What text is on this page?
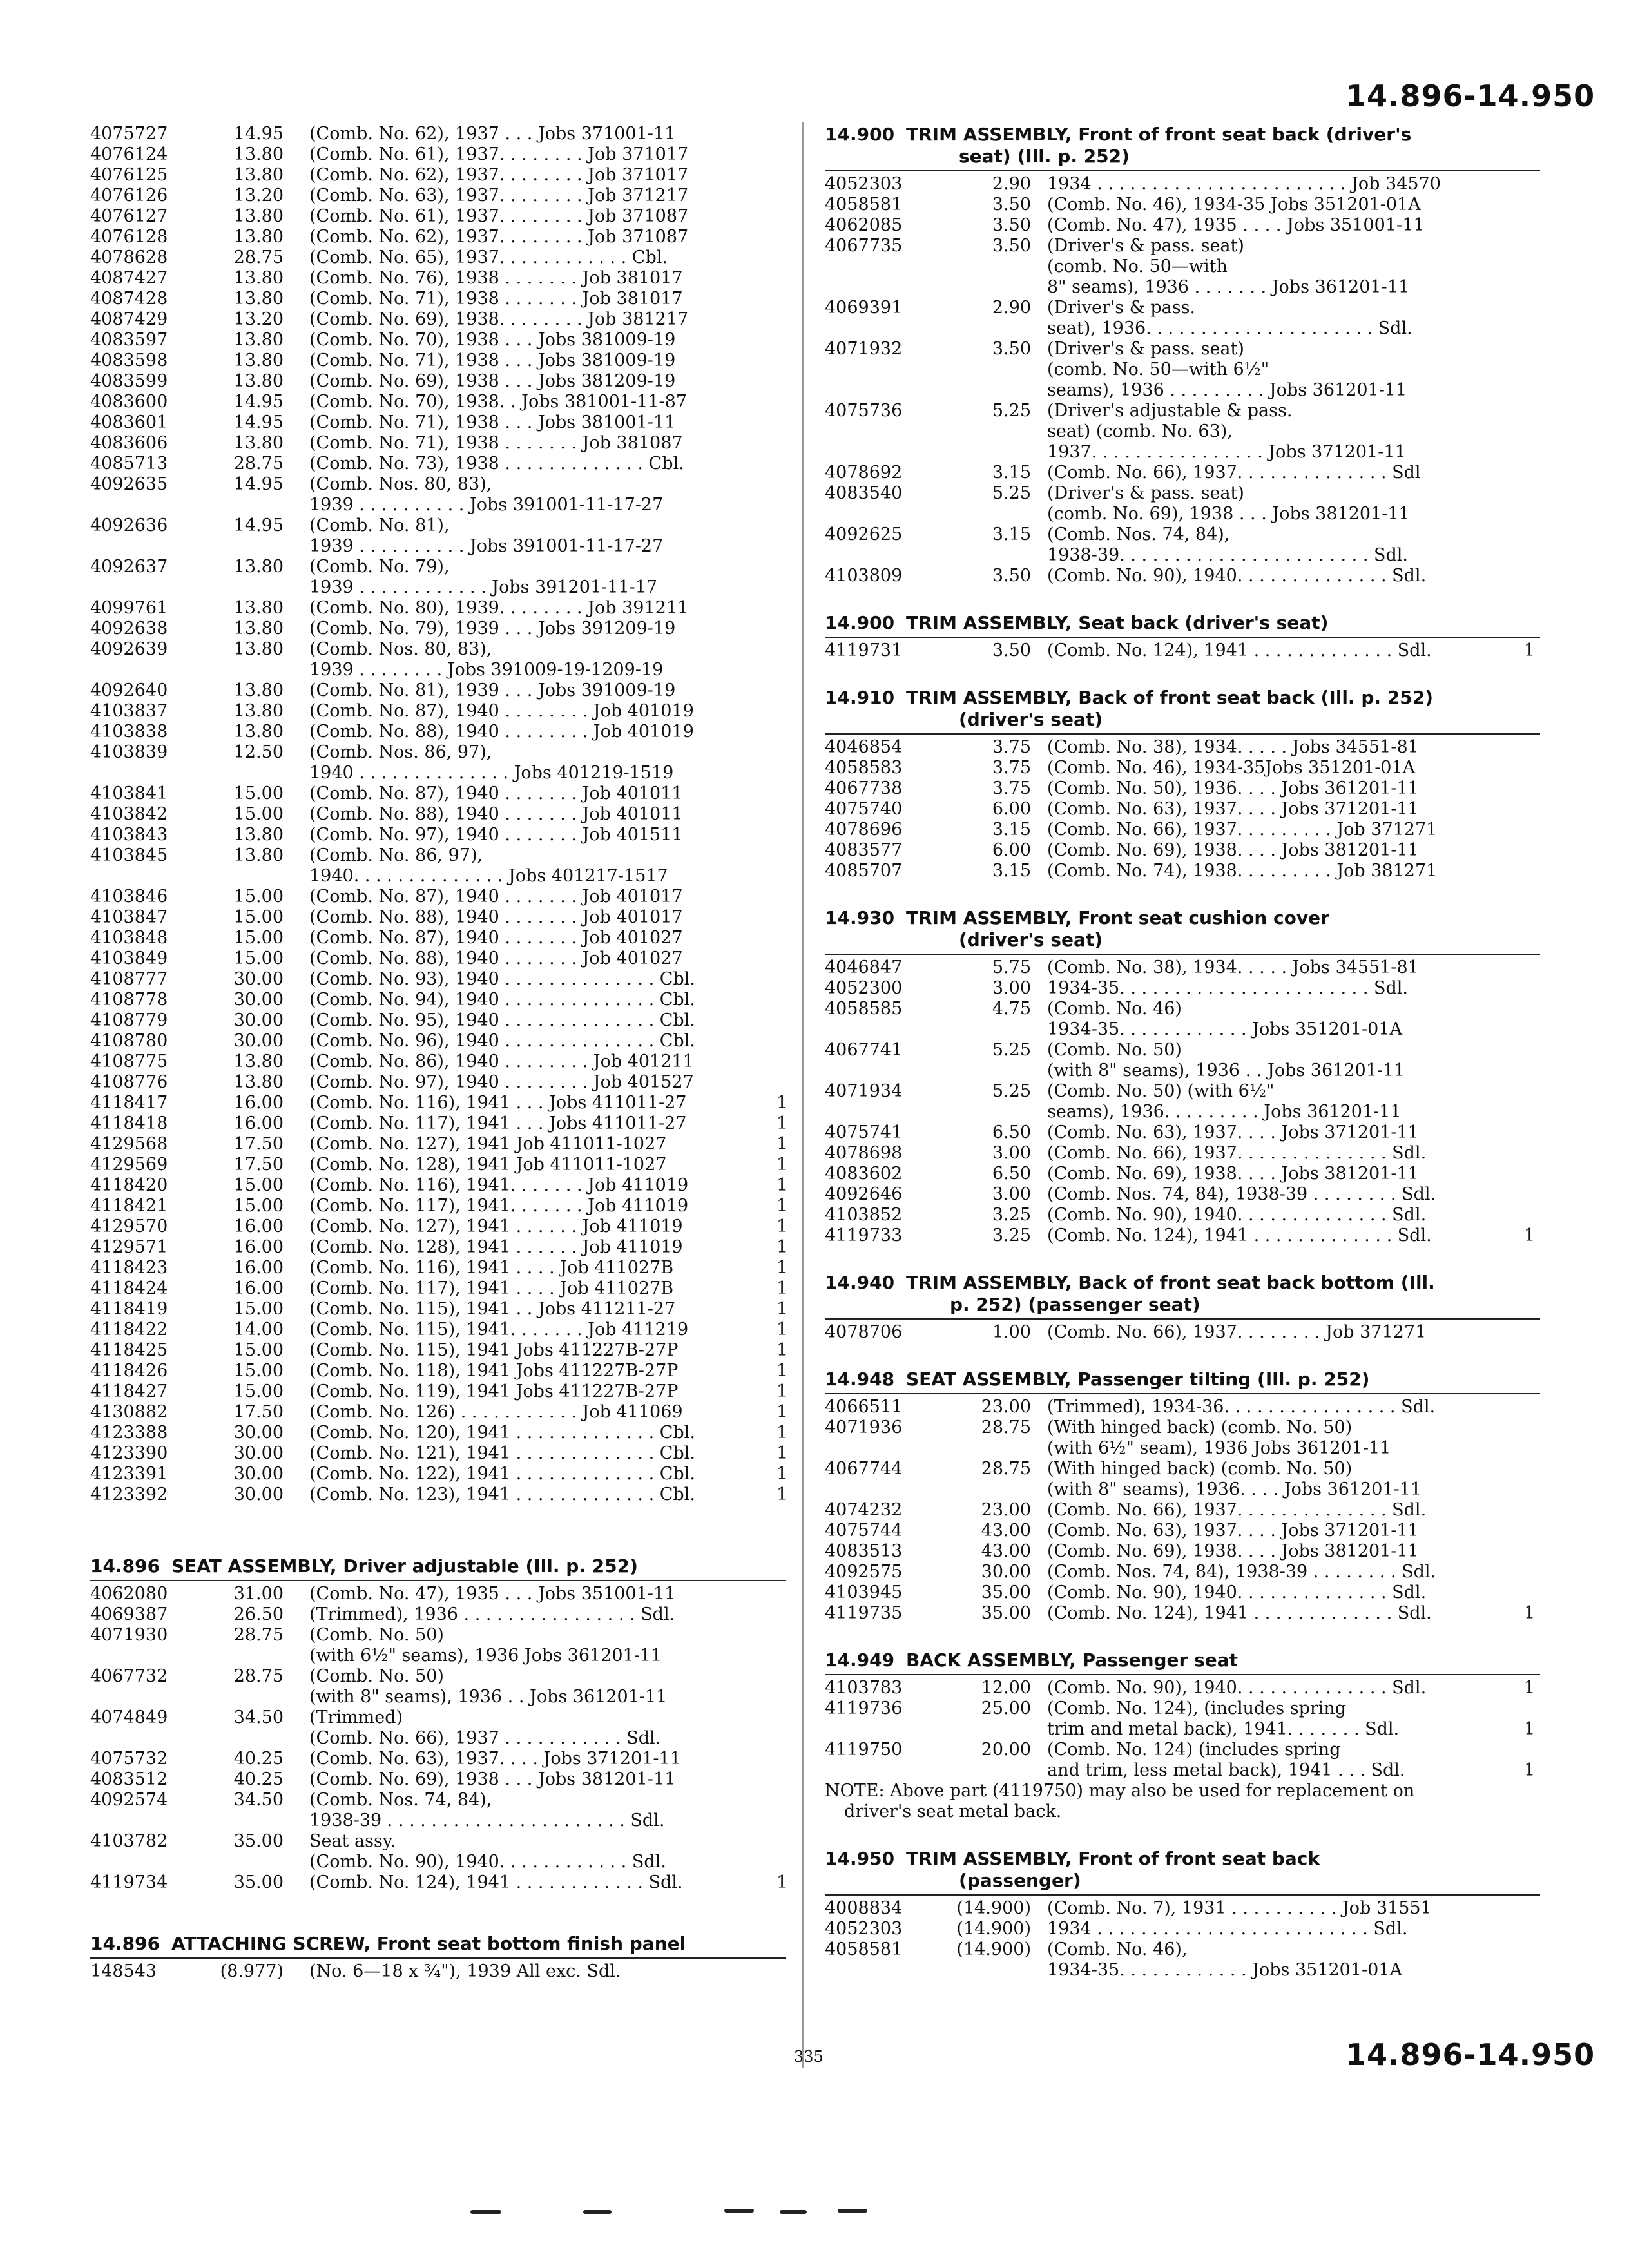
14.896-14.950
4075727	14.95 (Comb. No. 62), 1937 . . . Jobs 371001-11
4076124	13.80 (Comb. No. 61), 1937. . . . . . . . Job 371017
4076125	13.80 (Comb. No. 62), 1937. . . . . . . . Job 371017
4076126	13.20 (Comb. No. 63), 1937. . . . . . . . Job 371217
4076127	13.80 (Comb. No. 61), 1937. . . . . . . . Job 371087
4076128	13.80 (Comb. No. 62), 1937. . . . . . . . Job 371087
4078628	28.75 (Comb. No. 65), 1937. . . . . . . . . . . . Cbl.
4087427	13.80 (Comb. No. 76), 1938 . . . . . . . Job 381017
4087428	13.80 (Comb. No. 71), 1938 . . . . . . . Job 381017
4087429	13.20 (Comb. No. 69), 1938. . . . . . . . Job 381217
4083597	13.80 (Comb. No. 70), 1938 . . . Jobs 381009-19
4083598	13.80 (Comb. No. 71), 1938 . . . Jobs 381009-19
4083599	13.80 (Comb. No. 69), 1938 . . . Jobs 381209-19
4083600	14.95 (Comb. No. 70), 1938. . Jobs 381001-11-87
4083601	14.95 (Comb. No. 71), 1938 . . . Jobs 381001-11
4083606	13.80 (Comb. No. 71), 1938 . . . . . . . Job 381087
4085713	28.75 (Comb. No. 73), 1938 . . . . . . . . . . . . . Cbl.
4092635	14.95 (Comb. Nos. 80, 83),
1939 . . . . . . . . . . Jobs 391001-11-17-27
4092636	14.95 (Comb. No. 81),
1939 . . . . . . . . . . Jobs 391001-11-17-27
4092637	13.80 (Comb. No. 79),
1939 . . . . . . . . . . . . Jobs 391201-11-17
4099761	13.80 (Comb. No. 80), 1939. . . . . . . . Job 391211
4092638	13.80 (Comb. No. 79), 1939 . . . Jobs 391209-19
4092639	13.80 (Comb. Nos. 80, 83),
1939 . . . . . . . . Jobs 391009-19-1209-19
4092640	13.80 (Comb. No. 81), 1939 . . . Jobs 391009-19
4103837	13.80 (Comb. No. 87), 1940 . . . . . . . . Job 401019
4103838	13.80 (Comb. No. 88), 1940 . . . . . . . . Job 401019
4103839	12.50 (Comb. Nos. 86, 97),
1940 . . . . . . . . . . . . . . Jobs 401219-1519
4103841	15.00 (Comb. No. 87), 1940 . . . . . . . Job 401011
4103842	15.00 (Comb. No. 88), 1940 . . . . . . . Job 401011
4103843	13.80 (Comb. No. 97), 1940 . . . . . . . Job 401511
4103845	13.80 (Comb. No. 86, 97),
1940. . . . . . . . . . . . . . Jobs 401217-1517
4103846	15.00 (Comb. No. 87), 1940 . . . . . . . Job 401017
4103847	15.00 (Comb. No. 88), 1940 . . . . . . . Job 401017
4103848	15.00 (Comb. No. 87), 1940 . . . . . . . Job 401027
4103849	15.00 (Comb. No. 88), 1940 . . . . . . . Job 401027
4108777	30.00 (Comb. No. 93), 1940 . . . . . . . . . . . . . . Cbl.
4108778	30.00 (Comb. No. 94), 1940 . . . . . . . . . . . . . . Cbl.
4108779	30.00 (Comb. No. 95), 1940 . . . . . . . . . . . . . . Cbl.
4108780	30.00 (Comb. No. 96), 1940 . . . . . . . . . . . . . . Cbl.
4108775	13.80 (Comb. No. 86), 1940 . . . . . . . . Job 401211
4108776	13.80 (Comb. No. 97), 1940 . . . . . . . . Job 401527
4118417	16.00 (Comb. No. 116), 1941 . . . Jobs 411011-27	1
4118418	16.00 (Comb. No. 117), 1941 . . . Jobs 411011-27	1
4129568	17.50 (Comb. No. 127), 1941 Job 411011-1027	1
4129569	17.50 (Comb. No. 128), 1941 Job 411011-1027	1
4118420	15.00 (Comb. No. 116), 1941. . . . . . . Job 411019	1
4118421	15.00 (Comb. No. 117), 1941. . . . . . . Job 411019	1
4129570	16.00 (Comb. No. 127), 1941 . . . . . . Job 411019	1
4129571	16.00 (Comb. No. 128), 1941 . . . . . . Job 411019	1
4118423	16.00 (Comb. No. 116), 1941 . . . . Job 411027B	1
4118424	16.00 (Comb. No. 117), 1941 . . . . Job 411027B	1
4118419	15.00 (Comb. No. 115), 1941 . . Jobs 411211-27	1
4118422	14.00 (Comb. No. 115), 1941. . . . . . . Job 411219	1
4118425	15.00 (Comb. No. 115), 1941 Jobs 411227B-27P	1
4118426	15.00 (Comb. No. 118), 1941 Jobs 411227B-27P	1
4118427	15.00 (Comb. No. 119), 1941 Jobs 411227B-27P	1
4130882	17.50 (Comb. No. 126) . . . . . . . . . . . Job 411069	1
4123388	30.00 (Comb. No. 120), 1941 . . . . . . . . . . . . . Cbl.	1
4123390	30.00 (Comb. No. 121), 1941 . . . . . . . . . . . . . Cbl.	1
4123391	30.00 (Comb. No. 122), 1941 . . . . . . . . . . . . . Cbl.	1
4123392	30.00 (Comb. No. 123), 1941 . . . . . . . . . . . . . Cbl.	1
14.896 SEAT ASSEMBLY, Driver adjustable (Ill. p. 252)
4062080	31.00 (Comb. No. 47), 1935 . . . Jobs 351001-11
4069387	26.50 (Trimmed), 1936 . . . . . . . . . . . . . . . . Sdl.
4071930	28.75 (Comb. No. 50)
(with 6½" seams), 1936 Jobs 361201-11
4067732	28.75 (Comb. No. 50)
(with 8" seams), 1936 . . Jobs 361201-11
4074849	34.50 (Trimmed)
(Comb. No. 66), 1937 . . . . . . . . . . . Sdl.
4075732	40.25 (Comb. No. 63), 1937. . . . Jobs 371201-11
4083512	40.25 (Comb. No. 69), 1938 . . . Jobs 381201-11
4092574	34.50 (Comb. Nos. 74, 84),
1938-39 . . . . . . . . . . . . . . . . . . . . . . Sdl.
4103782	35.00 Seat assy.
(Comb. No. 90), 1940. . . . . . . . . . . . Sdl.
4119734	35.00 (Comb. No. 124), 1941 . . . . . . . . . . . . Sdl.	1
14.896 ATTACHING SCREW, Front seat bottom finish panel
148543	(8.977) (No. 6—18 x ¾"), 1939 All exc. Sdl.
14.900 TRIM ASSEMBLY, Front of front seat back (driver's
seat) (Ill. p. 252)
4052303	2.90 1934 . . . . . . . . . . . . . . . . . . . . . . . Job 34570
4058581	3.50 (Comb. No. 46), 1934-35 Jobs 351201-01A
4062085	3.50 (Comb. No. 47), 1935 . . . . Jobs 351001-11
4067735	3.50 (Driver's & pass. seat)
(comb. No. 50—with
8" seams), 1936 . . . . . . . Jobs 361201-11
4069391	2.90 (Driver's & pass.
seat), 1936. . . . . . . . . . . . . . . . . . . . . Sdl.
4071932	3.50 (Driver's & pass. seat)
(comb. No. 50—with 6½"
seams), 1936 . . . . . . . . . Jobs 361201-11
4075736	5.25 (Driver's adjustable & pass.
seat) (comb. No. 63),
1937. . . . . . . . . . . . . . . . Jobs 371201-11
4078692	3.15 (Comb. No. 66), 1937. . . . . . . . . . . . . . Sdl
4083540	5.25 (Driver's & pass. seat)
(comb. No. 69), 1938 . . . Jobs 381201-11
4092625	3.15 (Comb. Nos. 74, 84),
1938-39. . . . . . . . . . . . . . . . . . . . . . . Sdl.
4103809	3.50 (Comb. No. 90), 1940. . . . . . . . . . . . . . Sdl.
14.900 TRIM ASSEMBLY, Seat back (driver's seat)
4119731	3.50 (Comb. No. 124), 1941 . . . . . . . . . . . . . Sdl.	1
14.910 TRIM ASSEMBLY, Back of front seat back (Ill. p. 252)
(driver's seat)
4046854	3.75 (Comb. No. 38), 1934. . . . . Jobs 34551-81
4058583	3.75 (Comb. No. 46), 1934-35Jobs 351201-01A
4067738	3.75 (Comb. No. 50), 1936. . . . Jobs 361201-11
4075740	6.00 (Comb. No. 63), 1937. . . . Jobs 371201-11
4078696	3.15 (Comb. No. 66), 1937. . . . . . . . . Job 371271
4083577	6.00 (Comb. No. 69), 1938. . . . Jobs 381201-11
4085707	3.15 (Comb. No. 74), 1938. . . . . . . . . Job 381271
14.930 TRIM ASSEMBLY, Front seat cushion cover
(driver's seat)
4046847	5.75 (Comb. No. 38), 1934. . . . . Jobs 34551-81
4052300	3.00 1934-35. . . . . . . . . . . . . . . . . . . . . . . Sdl.
4058585	4.75 (Comb. No. 46)
1934-35. . . . . . . . . . . . Jobs 351201-01A
4067741	5.25 (Comb. No. 50)
(with 8" seams), 1936 . . Jobs 361201-11
4071934	5.25 (Comb. No. 50) (with 6½"
seams), 1936. . . . . . . . . Jobs 361201-11
4075741	6.50 (Comb. No. 63), 1937. . . . Jobs 371201-11
4078698	3.00 (Comb. No. 66), 1937. . . . . . . . . . . . . . Sdl.
4083602	6.50 (Comb. No. 69), 1938. . . . Jobs 381201-11
4092646	3.00 (Comb. Nos. 74, 84), 1938-39 . . . . . . . . Sdl.
4103852	3.25 (Comb. No. 90), 1940. . . . . . . . . . . . . . Sdl.
4119733	3.25 (Comb. No. 124), 1941 . . . . . . . . . . . . . Sdl.	1
14.940 TRIM ASSEMBLY, Back of front seat back bottom (Ill.
p. 252) (passenger seat)
4078706	1.00 (Comb. No. 66), 1937. . . . . . . . Job 371271
14.948 SEAT ASSEMBLY, Passenger tilting (Ill. p. 252)
4066511	23.00 (Trimmed), 1934-36. . . . . . . . . . . . . . . . Sdl.
4071936	28.75 (With hinged back) (comb. No. 50)
(with 6½" seam), 1936 Jobs 361201-11
4067744	28.75 (With hinged back) (comb. No. 50)
(with 8" seams), 1936. . . . Jobs 361201-11
4074232	23.00 (Comb. No. 66), 1937. . . . . . . . . . . . . . Sdl.
4075744	43.00 (Comb. No. 63), 1937. . . . Jobs 371201-11
4083513	43.00 (Comb. No. 69), 1938. . . . Jobs 381201-11
4092575	30.00 (Comb. Nos. 74, 84), 1938-39 . . . . . . . . Sdl.
4103945	35.00 (Comb. No. 90), 1940. . . . . . . . . . . . . . Sdl.
4119735	35.00 (Comb. No. 124), 1941 . . . . . . . . . . . . . Sdl.	1
14.949 BACK ASSEMBLY, Passenger seat
4103783	12.00 (Comb. No. 90), 1940. . . . . . . . . . . . . . Sdl.	1
4119736	25.00 (Comb. No. 124), (includes spring
trim and metal back), 1941. . . . . . . Sdl.	1
4119750	20.00 (Comb. No. 124) (includes spring
and trim, less metal back), 1941 . . . Sdl.	1
NOTE: Above part (4119750) may also be used for replacement on
driver's seat metal back.
14.950 TRIM ASSEMBLY, Front of front seat back
(passenger)
4008834	(14.900) (Comb. No. 7), 1931 . . . . . . . . . . Job 31551
4052303	(14.900) 1934 . . . . . . . . . . . . . . . . . . . . . . . . . Sdl.
4058581	(14.900) (Comb. No. 46),
1934-35. . . . . . . . . . . . Jobs 351201-01A
335	14.896-14.950
